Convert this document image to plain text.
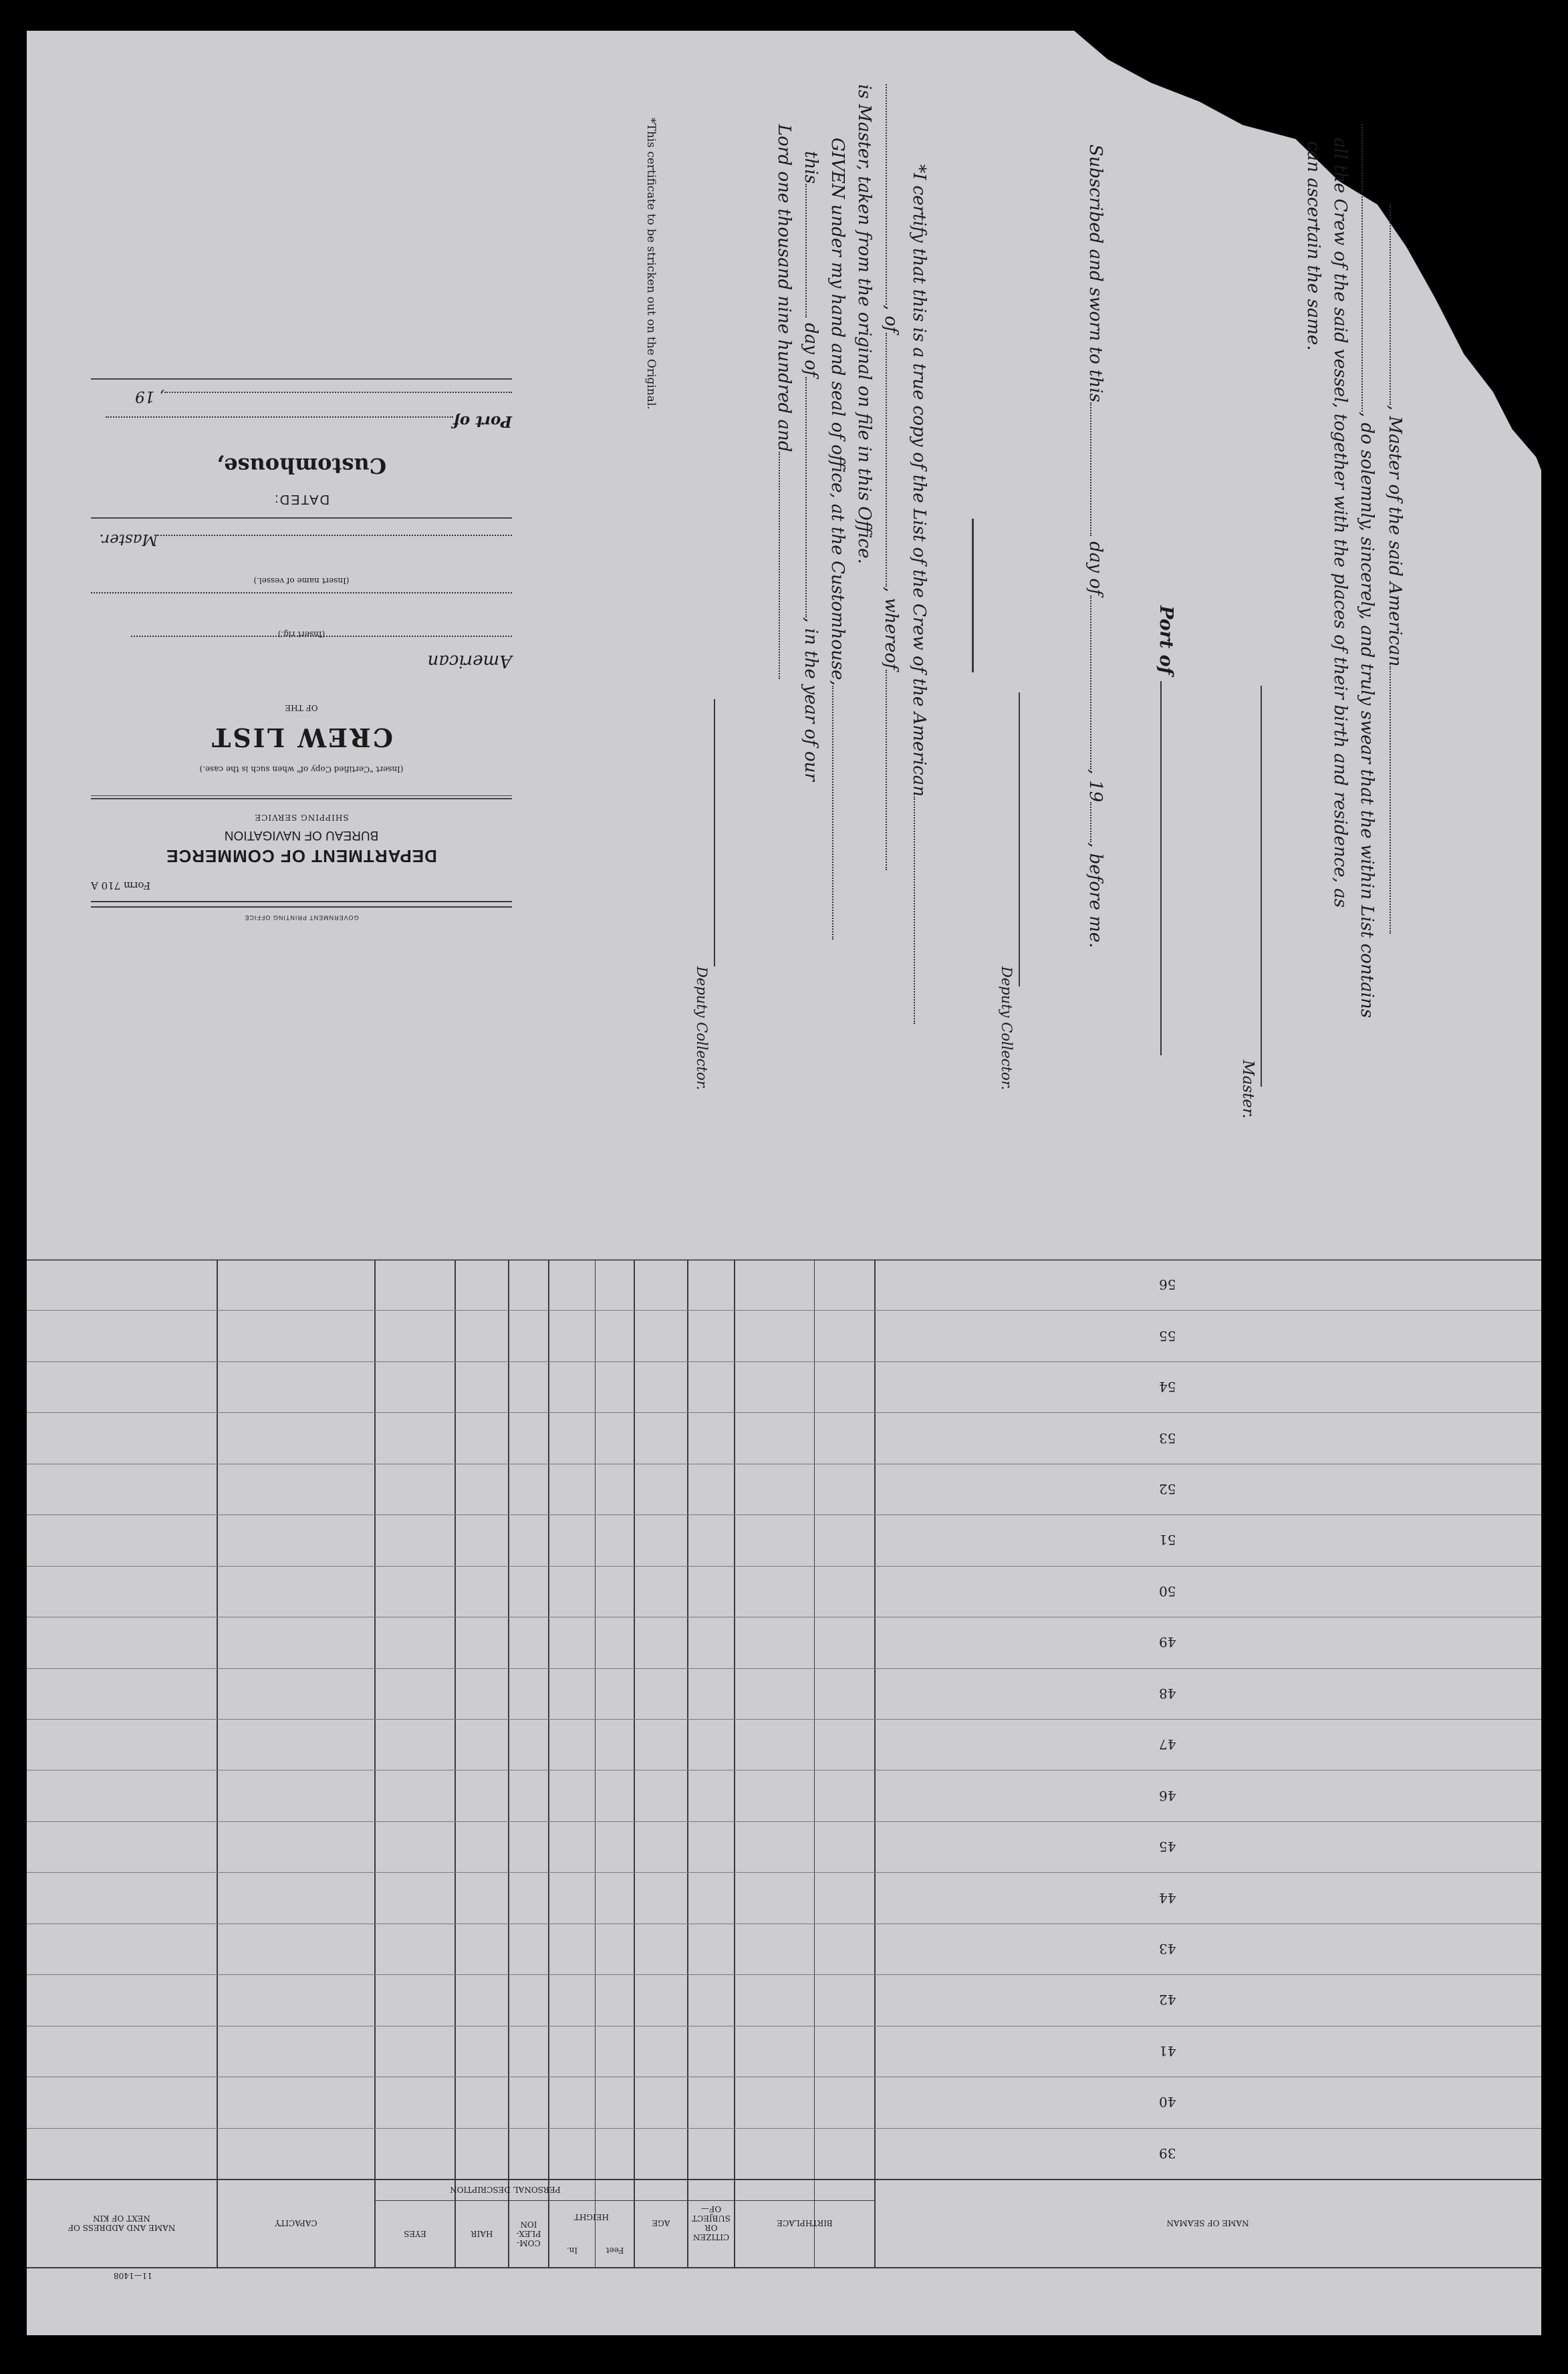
, Master of the said American
, do solemnly, sincerely, and truly swear that the within List contains
all the Crew of the said vessel, together with the places of their birth and residence, as
can ascertain the same.
Master.
Port of
Subscribed and sworn to this day of, 19, before me.
Deputy Collector.
*I certify that this is a true copy of the List of the Crew of the American
, of, whereof
is Master, taken from the original on file in this Office.
GIVEN under my hand and seal of office, at the Customhouse,
this day of, in the year of our
Lord one thousand nine hundred and
Deputy Collector.
*This certificate to be stricken out on the Original.
Form 710 A
DEPARTMENT OF COMMERCE
BUREAU OF NAVIGATION
SHIPPING SERVICE
(Insert "Certified Copy of" when such is the case.)
CREW LIST
OF THE
American
(Insert rig.)
(Insert name of vessel.)
Master.
DATED:
Customhouse,
Port of
, 19
GOVERNMENT PRINTING OFFICE
39
40
41
42
43
44
45
46
47
48
49
50
51
52
53
54
55
56
NAME OF SEAMAN
BIRTHPLACE
CITIZEN OR SUBJECT OF—
AGE
HEIGHT
Feet
In.
COM-PLEX-ION
HAIR
EYES
PERSONAL DESCRIPTION
CAPACITY
NAME AND ADDRESS OF NEXT OF KIN
11—1408
